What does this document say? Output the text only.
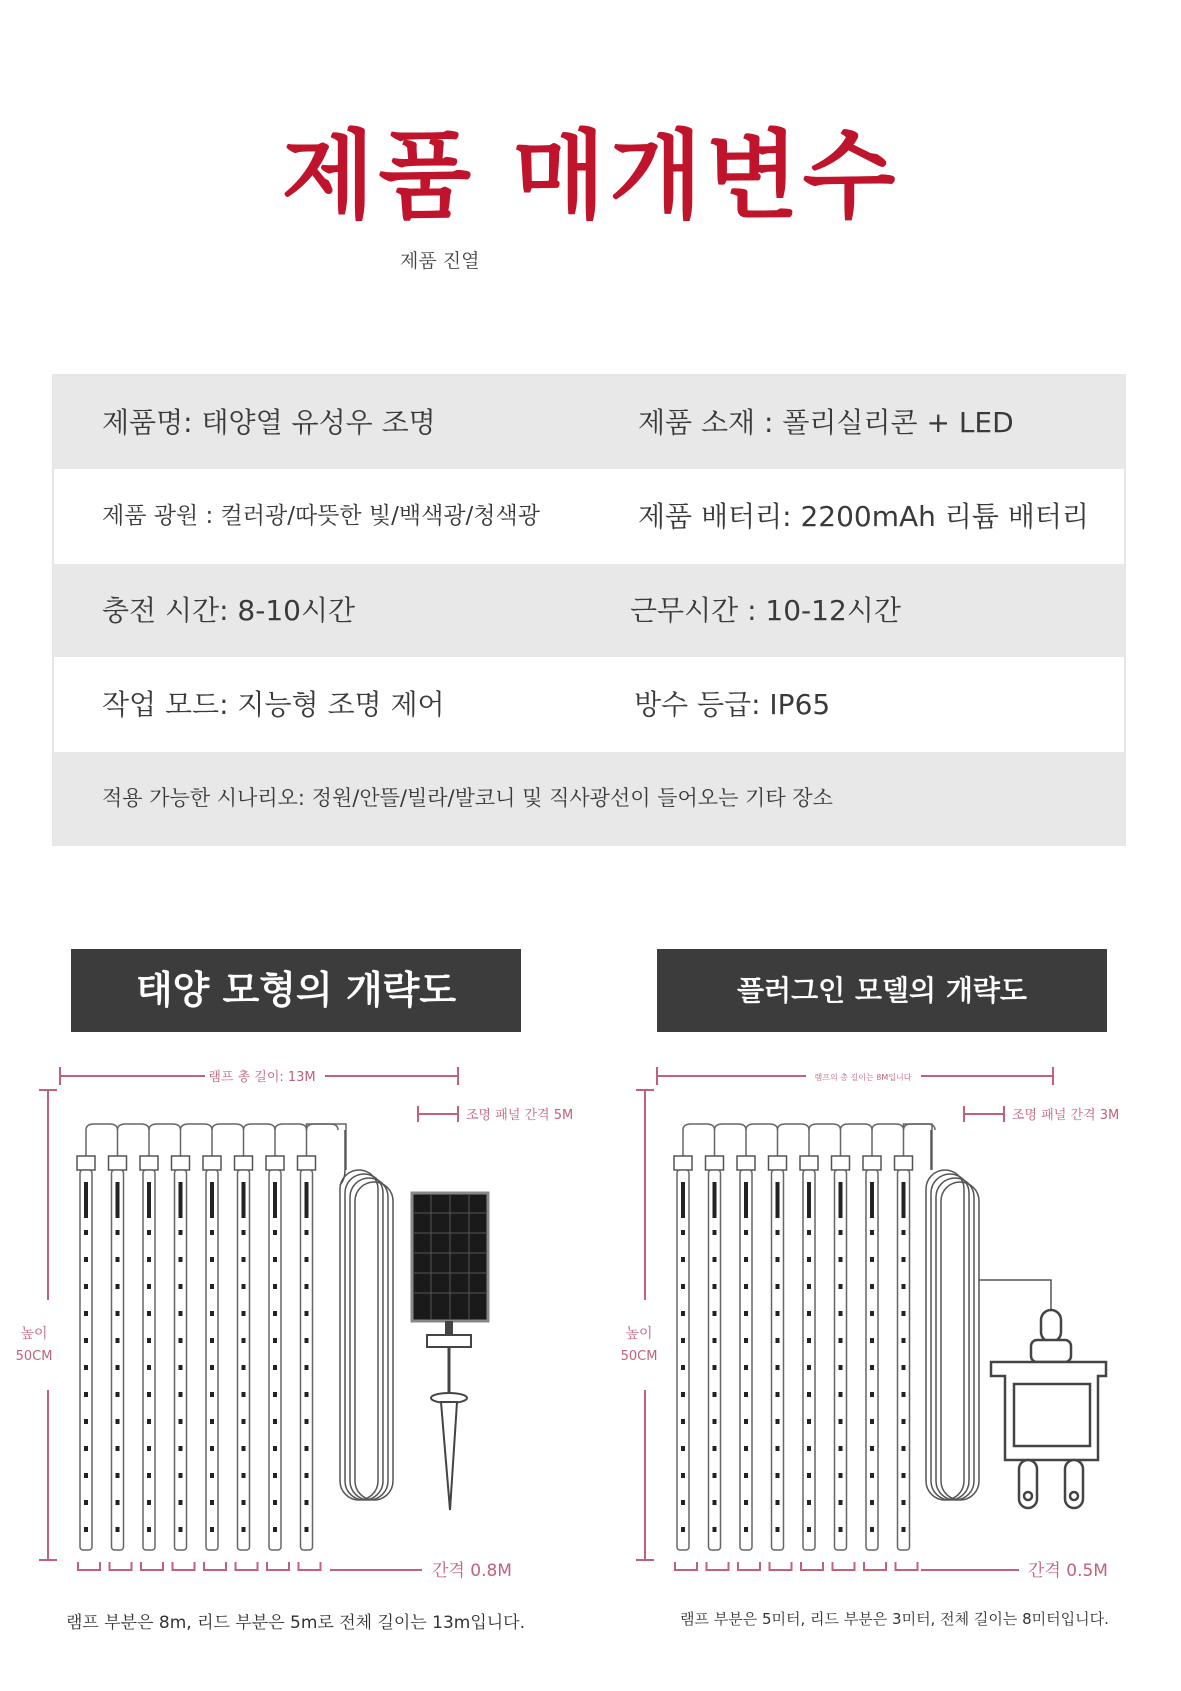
제품 매개변수
제품 진열
제품명: 태양열 유성우 조명	제품 소재 : 폴리실리콘 + LED
제품 광원 : 컬러광/따뜻한 빛/백색광/청색광	제품 배터리: 2200mAh 리튬 배터리
충전 시간: 8-10시간	근무시간 : 10-12시간
작업 모드: 지능형 조명 제어	방수 등급: IP65
적용 가능한 시나리오: 정원/안뜰/빌라/발코니 및 직사광선이 들어오는 기타 장소
태양 모형의 개략도	플러그인 모델의 개략도
램프 총 길이: 13M
조명 패널 간격 5M
높이
50CM
간격 0.8M
램프의 총 길이는 8M입니다
조명 패널 간격 3M
높이
50CM
간격 0.5M
램프 부분은 8m, 리드 부분은 5m로 전체 길이는 13m입니다.	램프 부분은 5미터, 리드 부분은 3미터, 전체 길이는 8미터입니다.
